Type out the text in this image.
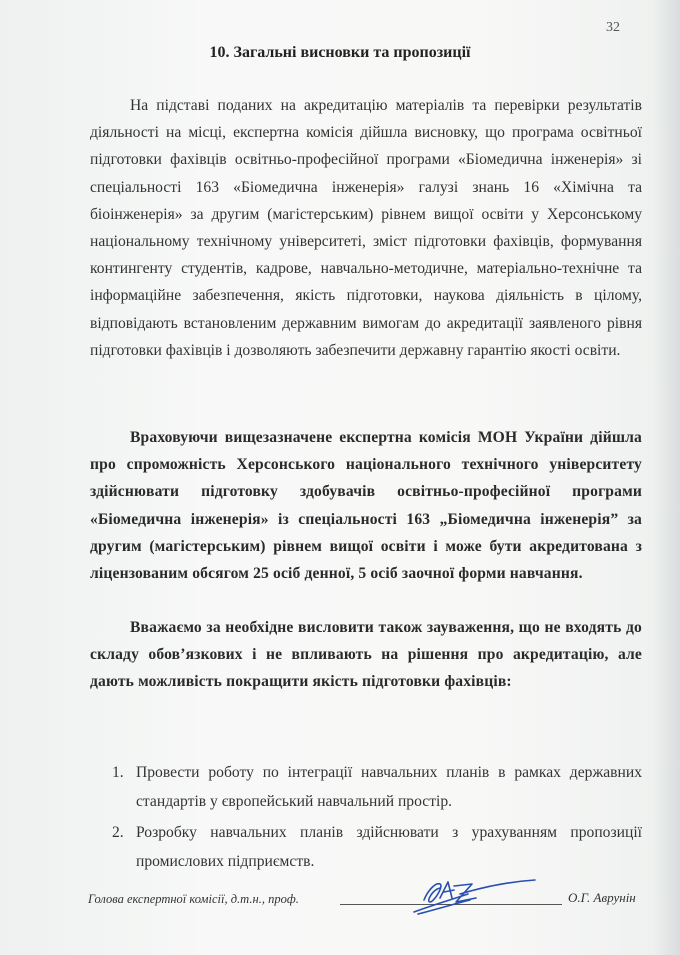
32
10. Загальні висновки та пропозиції
На підставі поданих на акредитацію матеріалів та перевірки результатів діяльності на місці, експертна комісія дійшла висновку, що програма освітньої підготовки фахівців освітньо-професійної програми «Біомедична інженерія» зі спеціальності 163 «Біомедична інженерія» галузі знань 16 «Хімічна та біоінженерія» за другим (магістерським) рівнем вищої освіти у Херсонському національному технічному університеті, зміст підготовки фахівців, формування контингенту студентів, кадрове, навчально-методичне, матеріально-технічне та інформаційне забезпечення, якість підготовки, наукова діяльність в цілому, відповідають встановленим державним вимогам до акредитації заявленого рівня підготовки фахівців і дозволяють забезпечити державну гарантію якості освіти.
Враховуючи вищезазначене експертна комісія МОН України дійшла про спроможність Херсонського національного технічного університету здійснювати підготовку здобувачів освітньо-професійної програми «Біомедична інженерія» із спеціальності 163 „Біомедична інженерія” за другим (магістерським) рівнем вищої освіти і може бути акредитована з ліцензованим обсягом 25 осіб денної, 5 осіб заочної форми навчання.
Вважаємо за необхідне висловити також зауваження, що не входять до складу обов’язкових і не впливають на рішення про акредитацію, але дають можливість покращити якість підготовки фахівців:
1. Провести роботу по інтеграції навчальних планів в рамках державних стандартів у європейський навчальний простір.
2. Розробку навчальних планів здійснювати з урахуванням пропозиції промислових підприємств.
Голова експертної комісії, д.т.н., проф.	О.Г. Аврунін
